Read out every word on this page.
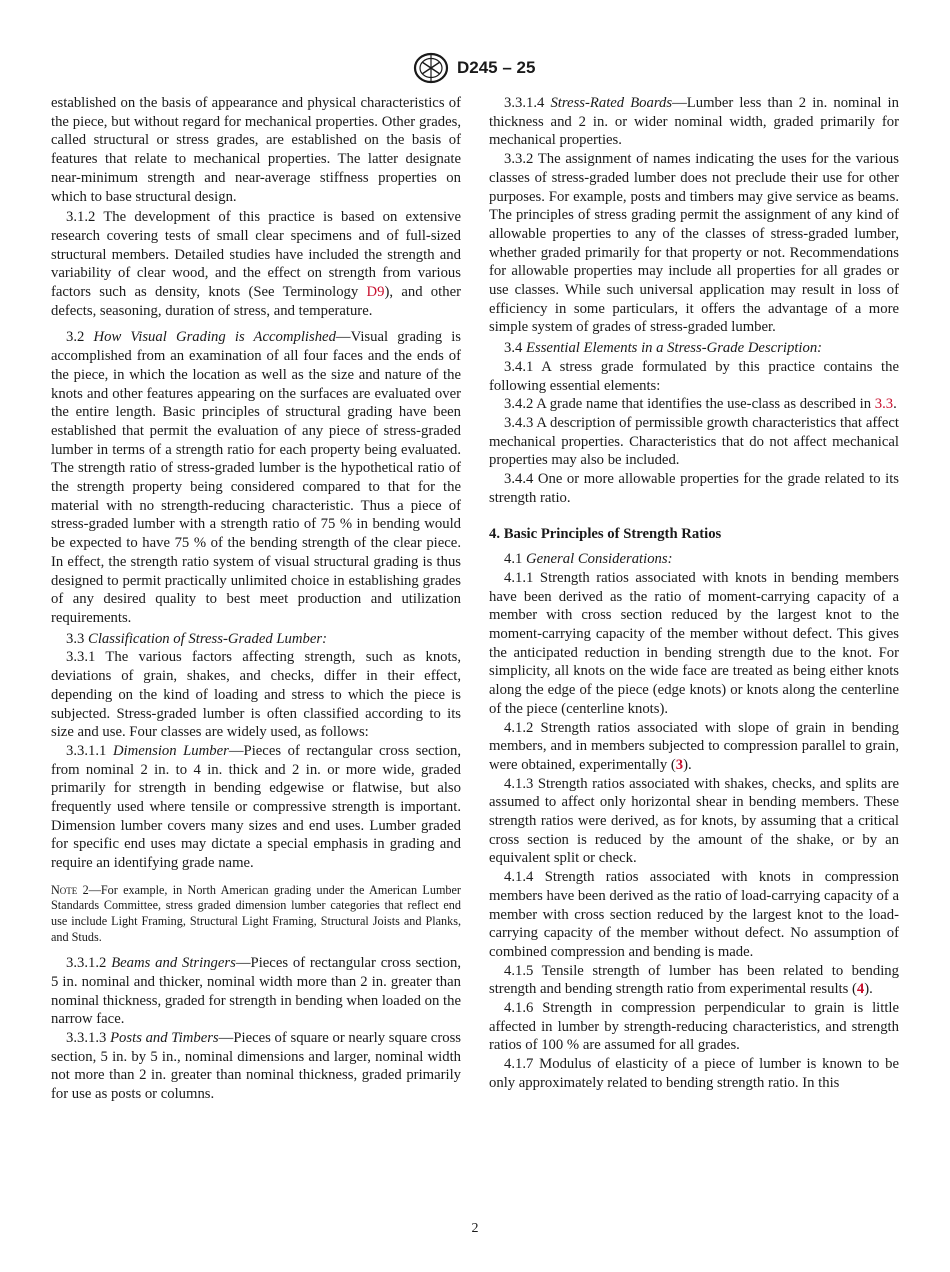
D245 – 25

established on the basis of appearance and physical characteristics of the piece, but without regard for mechanical properties. Other grades, called structural or stress grades, are established on the basis of features that relate to mechanical properties. The latter designate near-minimum strength and near-average stiffness properties on which to base structural design.

3.1.2 The development of this practice is based on extensive research covering tests of small clear specimens and of full-sized structural members. Detailed studies have included the strength and variability of clear wood, and the effect on strength from various factors such as density, knots (See Terminology D9), and other defects, seasoning, duration of stress, and temperature.

3.2 How Visual Grading is Accomplished—Visual grading is accomplished from an examination of all four faces and the ends of the piece, in which the location as well as the size and nature of the knots and other features appearing on the surfaces are evaluated over the entire length. Basic principles of structural grading have been established that permit the evaluation of any piece of stress-graded lumber in terms of a strength ratio for each property being evaluated. The strength ratio of stress-graded lumber is the hypothetical ratio of the strength property being considered compared to that for the material with no strength-reducing characteristic. Thus a piece of stress-graded lumber with a strength ratio of 75 % in bending would be expected to have 75 % of the bending strength of the clear piece. In effect, the strength ratio system of visual structural grading is thus designed to permit practically unlimited choice in establishing grades of any desired quality to best meet production and utilization requirements.

3.3 Classification of Stress-Graded Lumber:

3.3.1 The various factors affecting strength, such as knots, deviations of grain, shakes, and checks, differ in their effect, depending on the kind of loading and stress to which the piece is subjected. Stress-graded lumber is often classified according to its size and use. Four classes are widely used, as follows:

3.3.1.1 Dimension Lumber—Pieces of rectangular cross section, from nominal 2 in. to 4 in. thick and 2 in. or more wide, graded primarily for strength in bending edgewise or flatwise, but also frequently used where tensile or compressive strength is important. Dimension lumber covers many sizes and end uses. Lumber graded for specific end uses may dictate a special emphasis in grading and require an identifying grade name.

Note 2—For example, in North American grading under the American Lumber Standards Committee, stress graded dimension lumber categories that reflect end use include Light Framing, Structural Light Framing, Structural Joists and Planks, and Studs.

3.3.1.2 Beams and Stringers—Pieces of rectangular cross section, 5 in. nominal and thicker, nominal width more than 2 in. greater than nominal thickness, graded for strength in bending when loaded on the narrow face.

3.3.1.3 Posts and Timbers—Pieces of square or nearly square cross section, 5 in. by 5 in., nominal dimensions and larger, nominal width not more than 2 in. greater than nominal thickness, graded primarily for use as posts or columns.

3.3.1.4 Stress-Rated Boards—Lumber less than 2 in. nominal in thickness and 2 in. or wider nominal width, graded primarily for mechanical properties.

3.3.2 The assignment of names indicating the uses for the various classes of stress-graded lumber does not preclude their use for other purposes. For example, posts and timbers may give service as beams. The principles of stress grading permit the assignment of any kind of allowable properties to any of the classes of stress-graded lumber, whether graded primarily for that property or not. Recommendations for allowable properties may include all properties for all grades or use classes. While such universal application may result in loss of efficiency in some particulars, it offers the advantage of a more simple system of grades of stress-graded lumber.

3.4 Essential Elements in a Stress-Grade Description:

3.4.1 A stress grade formulated by this practice contains the following essential elements:

3.4.2 A grade name that identifies the use-class as described in 3.3.

3.4.3 A description of permissible growth characteristics that affect mechanical properties. Characteristics that do not affect mechanical properties may also be included.

3.4.4 One or more allowable properties for the grade related to its strength ratio.

4. Basic Principles of Strength Ratios

4.1 General Considerations:

4.1.1 Strength ratios associated with knots in bending members have been derived as the ratio of moment-carrying capacity of a member with cross section reduced by the largest knot to the moment-carrying capacity of the member without defect. This gives the anticipated reduction in bending strength due to the knot. For simplicity, all knots on the wide face are treated as being either knots along the edge of the piece (edge knots) or knots along the centerline of the piece (centerline knots).

4.1.2 Strength ratios associated with slope of grain in bending members, and in members subjected to compression parallel to grain, were obtained, experimentally (3).

4.1.3 Strength ratios associated with shakes, checks, and splits are assumed to affect only horizontal shear in bending members. These strength ratios were derived, as for knots, by assuming that a critical cross section is reduced by the amount of the shake, or by an equivalent split or check.

4.1.4 Strength ratios associated with knots in compression members have been derived as the ratio of load-carrying capacity of a member with cross section reduced by the largest knot to the load-carrying capacity of the member without defect. No assumption of combined compression and bending is made.

4.1.5 Tensile strength of lumber has been related to bending strength and bending strength ratio from experimental results (4).

4.1.6 Strength in compression perpendicular to grain is little affected in lumber by strength-reducing characteristics, and strength ratios of 100 % are assumed for all grades.

4.1.7 Modulus of elasticity of a piece of lumber is known to be only approximately related to bending strength ratio. In this

2
